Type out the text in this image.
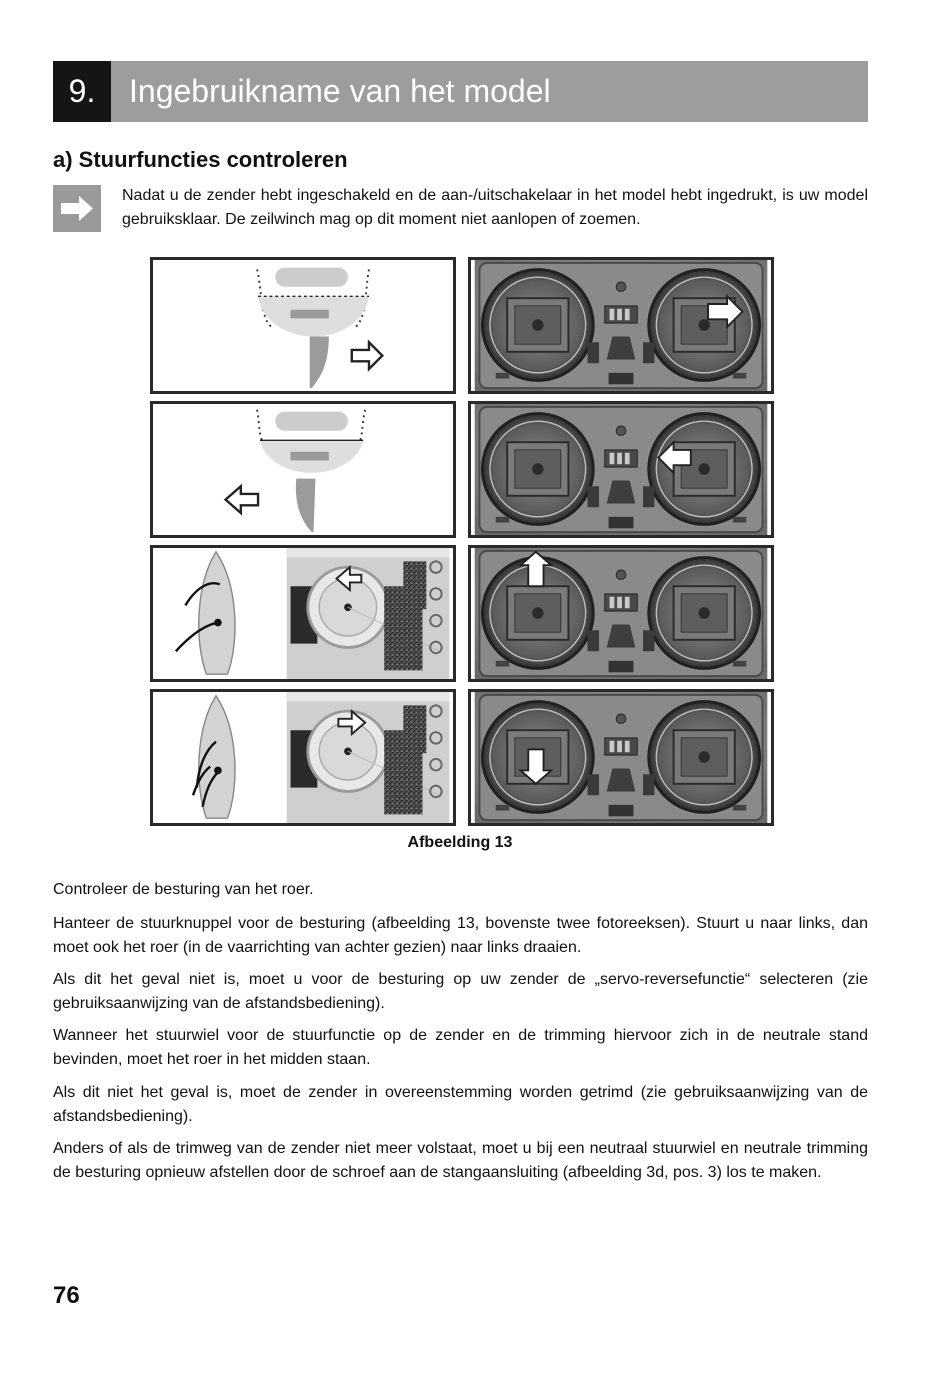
9.	Ingebruikname van het model
a) Stuurfuncties controleren
Nadat u de zender hebt ingeschakeld en de aan-/uitschakelaar in het model hebt ingedrukt, is uw model gebruiksklaar. De zeilwinch mag op dit moment niet aanlopen of zoemen.
Afbeelding 13
Controleer de besturing van het roer.
Hanteer de stuurknuppel voor de besturing (afbeelding 13, bovenste twee fotoreeksen). Stuurt u naar links, dan moet ook het roer (in de vaarrichting van achter gezien) naar links draaien.
Als dit het geval niet is, moet u voor de besturing op uw zender de „servo-reversefunctie“ selecteren (zie gebruiksaanwijzing van de afstandsbediening).
Wanneer het stuurwiel voor de stuurfunctie op de zender en de trimming hiervoor zich in de neutrale stand bevinden, moet het roer in het midden staan.
Als dit niet het geval is, moet de zender in overeenstemming worden getrimd (zie gebruiksaanwijzing van de afstandsbediening).
Anders of als de trimweg van de zender niet meer volstaat, moet u bij een neutraal stuurwiel en neutrale trimming de besturing opnieuw afstellen door de schroef aan de stangaansluiting (afbeelding 3d, pos. 3) los te maken.
76
